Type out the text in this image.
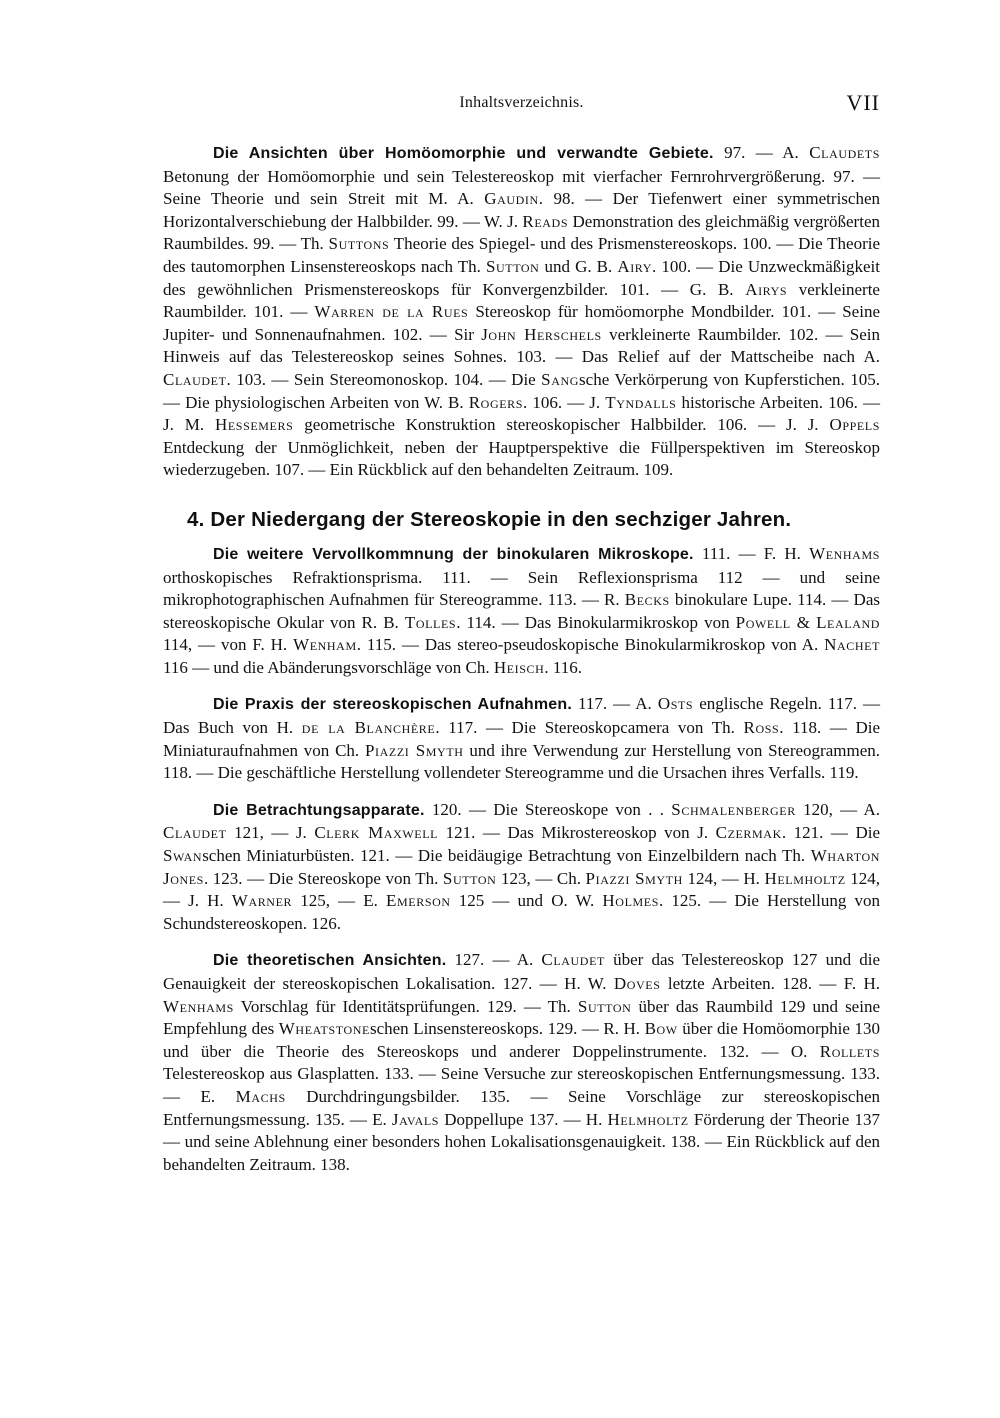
Inhaltsverzeichnis.	VII

Die Ansichten über Homöomorphie und verwandte Gebiete. 97. — A. Claudets Betonung der Homöomorphie und sein Telestereoskop mit vierfacher Fernrohrvergrößerung. 97. — Seine Theorie und sein Streit mit M. A. Gaudin. 98. — Der Tiefenwert einer symmetrischen Horizontalverschiebung der Halbbilder. 99. — W. J. Reads Demonstration des gleichmäßig vergrößerten Raumbildes. 99. — Th. Suttons Theorie des Spiegel- und des Prismenstereoskops. 100. — Die Theorie des tautomorphen Linsenstereoskops nach Th. Sutton und G. B. Airy. 100. — Die Unzweckmäßigkeit des gewöhnlichen Prismenstereoskops für Konvergenzbilder. 101. — G. B. Airys verkleinerte Raumbilder. 101. — Warren de la Rues Stereoskop für homöomorphe Mondbilder. 101. — Seine Jupiter- und Sonnenaufnahmen. 102. — Sir John Herschels verkleinerte Raumbilder. 102. — Sein Hinweis auf das Telestereoskop seines Sohnes. 103. — Das Relief auf der Mattscheibe nach A. Claudet. 103. — Sein Stereomonoskop. 104. — Die Sangsche Verkörperung von Kupferstichen. 105. — Die physiologischen Arbeiten von W. B. Rogers. 106. — J. Tyndalls historische Arbeiten. 106. — J. M. Hessemers geometrische Konstruktion stereoskopischer Halbbilder. 106. — J. J. Oppels Entdeckung der Unmöglichkeit, neben der Hauptperspektive die Füllperspektiven im Stereoskop wiederzugeben. 107. — Ein Rückblick auf den behandelten Zeitraum. 109.

4. Der Niedergang der Stereoskopie in den sechziger Jahren.

Die weitere Vervollkommnung der binokularen Mikroskope. 111. — F. H. Wenhams orthoskopisches Refraktionsprisma. 111. — Sein Reflexionsprisma 112 — und seine mikrophotographischen Aufnahmen für Stereogramme. 113. — R. Becks binokulare Lupe. 114. — Das stereoskopische Okular von R. B. Tolles. 114. — Das Binokularmikroskop von Powell & Lealand 114, — von F. H. Wenham. 115. — Das stereo-pseudoskopische Binokularmikroskop von A. Nachet 116 — und die Abänderungsvorschläge von Ch. Heisch. 116.

Die Praxis der stereoskopischen Aufnahmen. 117. — A. Osts englische Regeln. 117. — Das Buch von H. de la Blanchère. 117. — Die Stereoskopcamera von Th. Ross. 118. — Die Miniaturaufnahmen von Ch. Piazzi Smyth und ihre Verwendung zur Herstellung von Stereogrammen. 118. — Die geschäftliche Herstellung vollendeter Stereogramme und die Ursachen ihres Verfalls. 119.

Die Betrachtungsapparate. 120. — Die Stereoskope von . . Schmalenberger 120, — A. Claudet 121, — J. Clerk Maxwell 121. — Das Mikrostereoskop von J. Czermak. 121. — Die Swanschen Miniaturbüsten. 121. — Die beidäugige Betrachtung von Einzelbildern nach Th. Wharton Jones. 123. — Die Stereoskope von Th. Sutton 123, — Ch. Piazzi Smyth 124, — H. Helmholtz 124, — J. H. Warner 125, — E. Emerson 125 — und O. W. Holmes. 125. — Die Herstellung von Schundstereoskopen. 126.

Die theoretischen Ansichten. 127. — A. Claudet über das Telestereoskop 127 und die Genauigkeit der stereoskopischen Lokalisation. 127. — H. W. Doves letzte Arbeiten. 128. — F. H. Wenhams Vorschlag für Identitätsprüfungen. 129. — Th. Sutton über das Raumbild 129 und seine Empfehlung des Wheatstoneschen Linsenstereoskops. 129. — R. H. Bow über die Homöomorphie 130 und über die Theorie des Stereoskops und anderer Doppelinstrumente. 132. — O. Rollets Telestereoskop aus Glasplatten. 133. — Seine Versuche zur stereoskopischen Entfernungsmessung. 133. — E. Machs Durchdringungsbilder. 135. — Seine Vorschläge zur stereoskopischen Entfernungsmessung. 135. — E. Javals Doppellupe 137. — H. Helmholtz Förderung der Theorie 137 — und seine Ablehnung einer besonders hohen Lokalisationsgenauigkeit. 138. — Ein Rückblick auf den behandelten Zeitraum. 138.
